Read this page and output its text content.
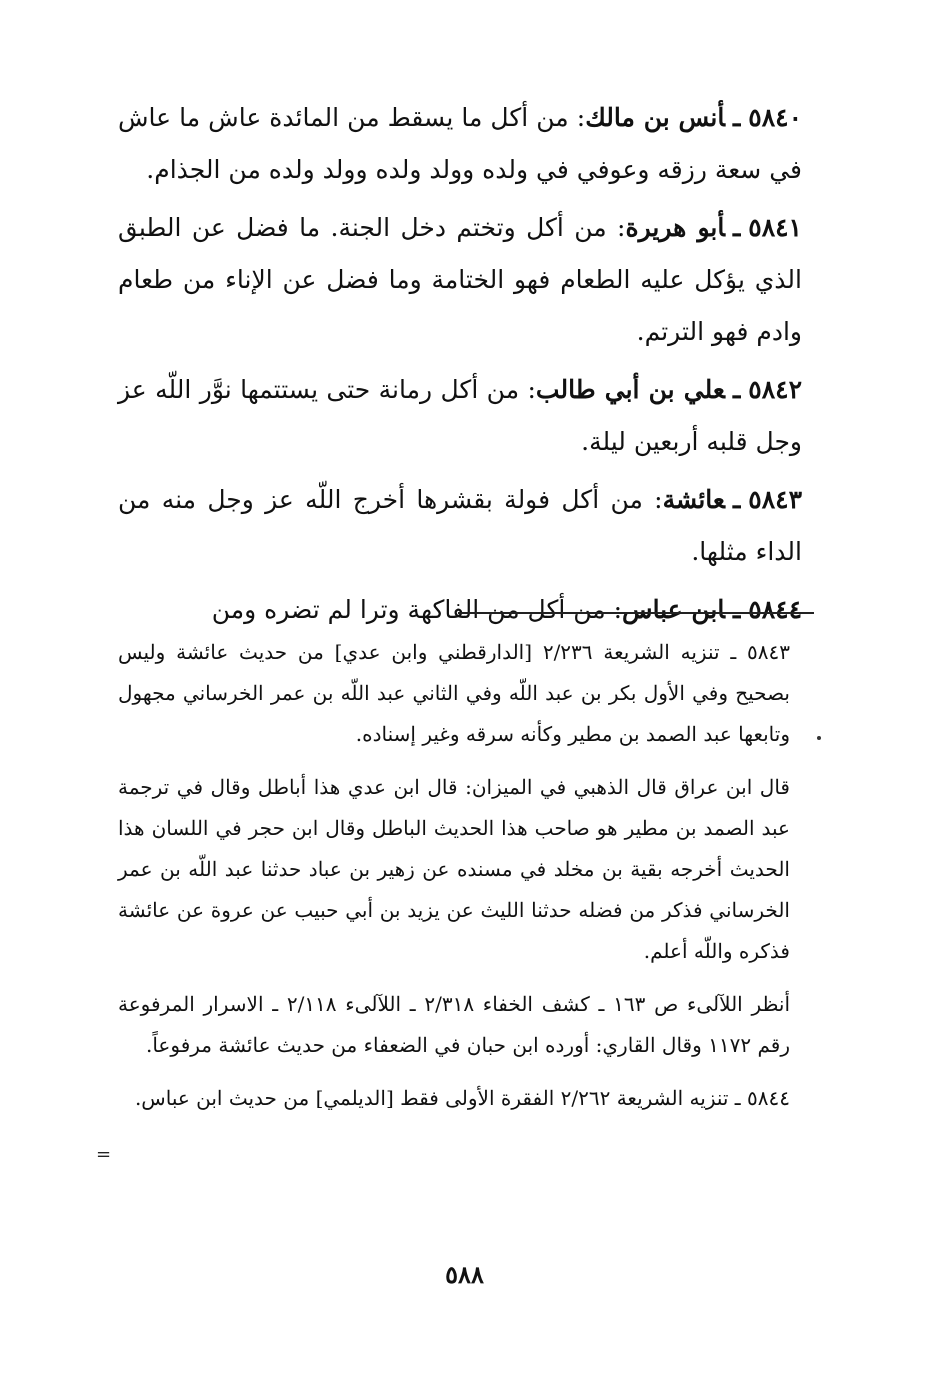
٥٨٤٠ـأنس بن مالك: من أكل ما يسقط من المائدة عاش ما عاش في سعة رزقه وعوفي في ولده وولد ولده وولد ولده من الجذام.

٥٨٤١ـأبو هريرة: من أكل وتختم دخل الجنة. ما فضل عن الطبق الذي يؤكل عليه الطعام فهو الختامة وما فضل عن الإناء من طعام وادم فهو الترتم.

٥٨٤٢ـعلي بن أبي طالب: من أكل رمانة حتى يستتمها نوَّر اللّه عز وجل قلبه أربعين ليلة.

٥٨٤٣ـعائشة: من أكل فولة بقشرها أخرج اللّه عز وجل منه من الداء مثلها.

٥٨٤٤ـابن عباس: من أكل من الفاكهة وترا لم تضره ومن

٥٨٤٣ ـ تنزيه الشريعة ٢/٢٣٦ [الدارقطني وابن عدي] من حديث عائشة وليس بصحيح وفي الأول بكر بن عبد اللّه وفي الثاني عبد اللّه بن عمر الخرساني مجهول وتابعها عبد الصمد بن مطير وكأنه سرقه وغير إسناده.

قال ابن عراق قال الذهبي في الميزان: قال ابن عدي هذا أباطل وقال في ترجمة عبد الصمد بن مطير هو صاحب هذا الحديث الباطل وقال ابن حجر في اللسان هذا الحديث أخرجه بقية بن مخلد في مسنده عن زهير بن عباد حدثنا عبد اللّه بن عمر الخرساني فذكر من فضله حدثنا الليث عن يزيد بن أبي حبيب عن عروة عن عائشة فذكره واللّه أعلم.

أنظر اللآلىء ص ١٦٣ ـ كشف الخفاء ٢/٣١٨ ـ اللآلىء ٢/١١٨ ـ الاسرار المرفوعة رقم ١١٧٢ وقال القاري: أورده ابن حبان في الضعفاء من حديث عائشة مرفوعاً.

٥٨٤٤ ـ تنزيه الشريعة ٢/٢٦٢ الفقرة الأولى فقط [الديلمي] من حديث ابن عباس.

=
٥٨٨
